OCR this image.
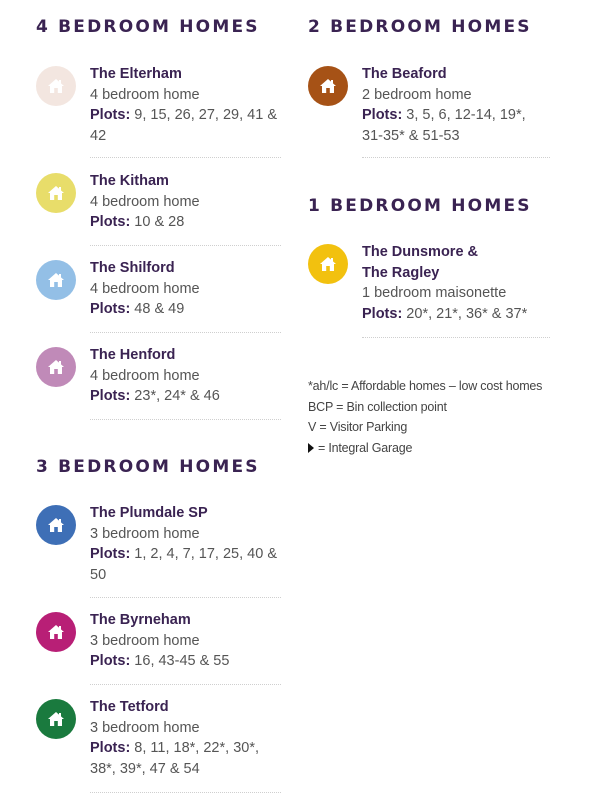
4 BEDROOM HOMES
The Elterham
4 bedroom home
Plots: 9, 15, 26, 27, 29, 41 & 42
The Kitham
4 bedroom home
Plots: 10 & 28
The Shilford
4 bedroom home
Plots: 48 & 49
The Henford
4 bedroom home
Plots: 23*, 24* & 46
3 BEDROOM HOMES
The Plumdale SP
3 bedroom home
Plots: 1, 2, 4, 7, 17, 25, 40 & 50
The Byrneham
3 bedroom home
Plots: 16, 43-45 & 55
The Tetford
3 bedroom home
Plots: 8, 11, 18*, 22*, 30*, 38*, 39*, 47 & 54
2 BEDROOM HOMES
The Beaford
2 bedroom home
Plots: 3, 5, 6, 12-14, 19*, 31-35* & 51-53
1 BEDROOM HOMES
The Dunsmore &
The Ragley
1 bedroom maisonette
Plots: 20*, 21*, 36* & 37*
*ah/lc = Affordable homes – low cost homes
BCP = Bin collection point
V = Visitor Parking
= Integral Garage
